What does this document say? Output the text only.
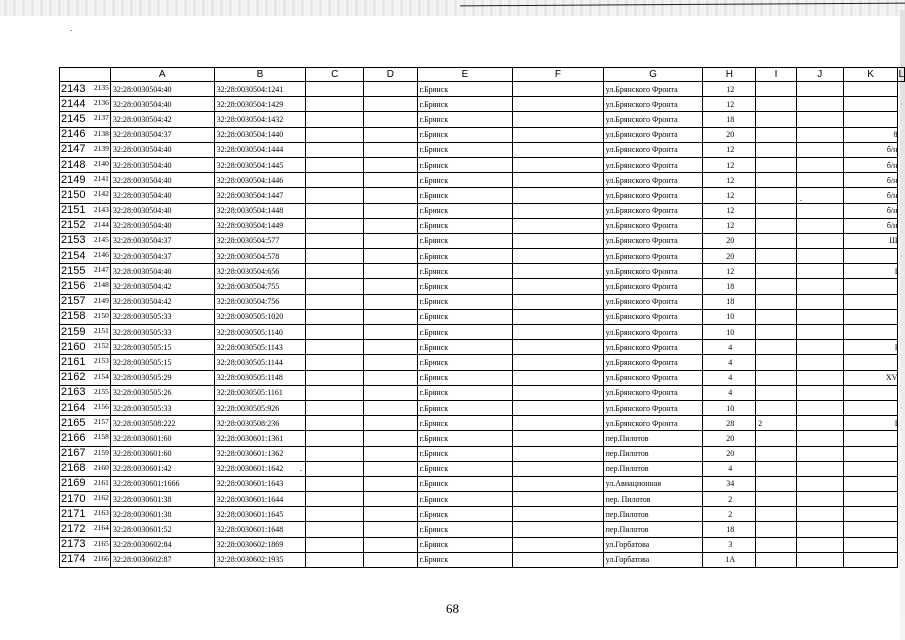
	A	B	C	D	E	F	G	H	I	J	K	L
2143 2135	32:28:0030504:40	32:28:0030504:1241			г.Брянск		ул.Брянского Фронта	12				
2144 2136	32:28:0030504:40	32:28:0030504:1429			г.Брянск		ул.Брянского Фронта	12				
2145 2137	32:28:0030504:42	32:28:0030504:1432			г.Брянск		ул.Брянского Фронта	18				
2146 2138	32:28:0030504:37	32:28:0030504:1440			г.Брянск		ул.Брянского Фронта	20			8	
2147 2139	32:28:0030504:40	32:28:0030504:1444			г.Брянск		ул.Брянского Фронта	12			б/н	
2148 2140	32:28:0030504:40	32:28:0030504:1445			г.Брянск		ул.Брянского Фронта	12			б/н	
2149 2141	32:28:0030504:40	32:28:0030504:1446			г.Брянск		ул.Брянского Фронта	12			б/н	
2150 2142	32:28:0030504:40	32:28:0030504:1447			г.Брянск		ул.Брянского Фронта	12			б/н	
2151 2143	32:28:0030504:40	32:28:0030504:1448			г.Брянск		ул.Брянского Фронта	12			б/н	
2152 2144	32:28:0030504:40	32:28:0030504:1449			г.Брянск		ул.Брянского Фронта	12			б/н	
2153 2145	32:28:0030504:37	32:28:0030504:577			г.Брянск		ул.Брянского Фронта	20			Ш	
2154 2146	32:28:0030504:37	32:28:0030504:578			г.Брянск		ул.Брянского Фронта	20				
2155 2147	32:28:0030504:40	32:28:0030504:656			г.Брянск		ул.Брянского Фронта	12			I	
2156 2148	32:28:0030504:42	32:28:0030504:755			г.Брянск		ул.Брянского Фронта	18				
2157 2149	32:28:0030504:42	32:28:0030504:756			г.Брянск		ул.Брянского Фронта	18				
2158 2150	32:28:0030505:33	32:28:0030505:1020			г.Брянск		ул.Брянского Фронта	10				
2159 2151	32:28:0030505:33	32:28:0030505:1140			г.Брянск		ул.Брянского Фронта	10				
2160 2152	32:28:0030505:15	32:28:0030505:1143			г.Брянск		ул.Брянского Фронта	4			I	
2161 2153	32:28:0030505:15	32:28:0030505:1144			г.Брянск		ул.Брянского Фронта	4				
2162 2154	32:28:0030505:29	32:28:0030505:1148			г.Брянск		ул.Брянского Фронта	4			XV	
2163 2155	32:28:0030505:26	32:28:0030505:1161			г.Брянск		ул.Брянского Фронта	4				
2164 2156	32:28:0030505:33	32:28:0030505:926			г.Брянск		ул.Брянского Фронта	10				
2165 2157	32:28:0030508:222	32:28:0030508:236			г.Брянск		ул.Брянского Фронта	28	2		I	
2166 2158	32:28:0030601:60	32:28:0030601:1361			г.Брянск		пер.Пилотов	20				
2167 2159	32:28:0030601:60	32:28:0030601:1362			г.Брянск		пер.Пилотов	20				
2168 2160	32:28:0030601:42	32:28:0030601:1642			г.Брянск		пер.Пилотов	4				
2169 2161	32:28:0030601:1666	32:28:0030601:1643			г.Брянск		ул.Авиационная	34				
2170 2162	32:28:0030601:38	32:28:0030601:1644			г.Брянск		пер. Пилотов	2				
2171 2163	32:28:0030601:38	32:28:0030601:1645			г.Брянск		пер.Пилотов	2				
2172 2164	32:28:0030601:52	32:28:0030601:1648			г.Брянск		пер.Пилотов	18				
2173 2165	32:28:0030602:84	32:28:0030602:1869			г.Брянск		ул.Горбатова	3				
2174 2166	32:28:0030602:87	32:28:0030602:1935			г.Брянск		ул.Горбатова	1А				
68
